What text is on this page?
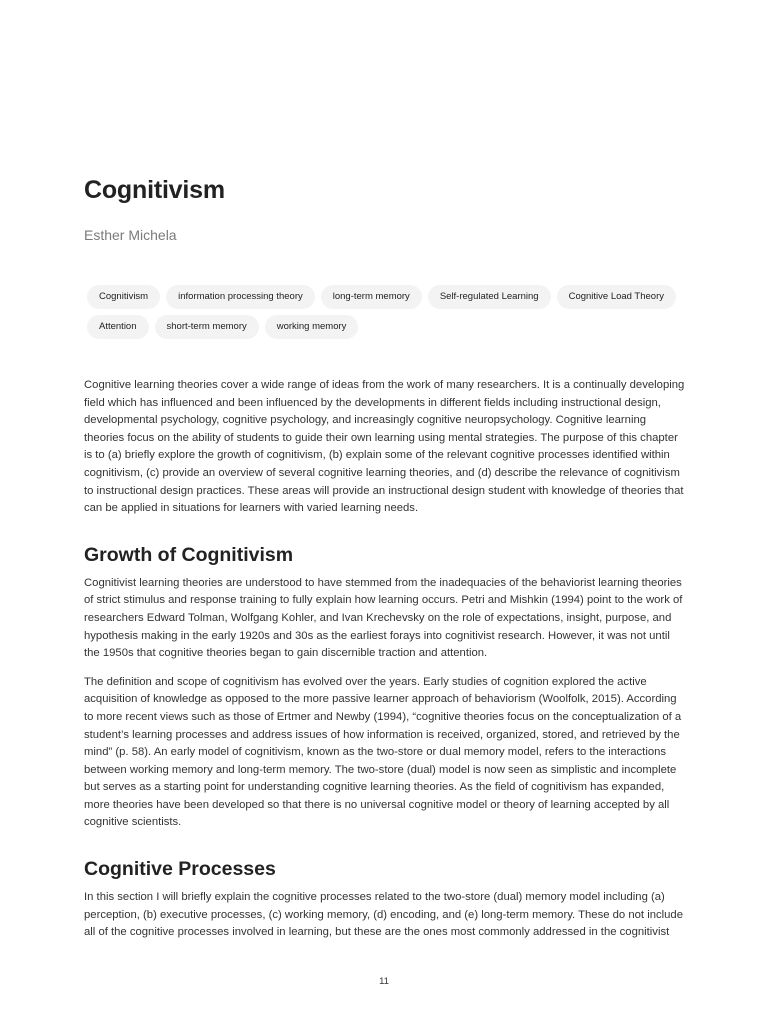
Cognitivism
Esther Michela
Cognitivism	information processing theory	long-term memory	Self-regulated Learning	Cognitive Load Theory
Attention	short-term memory	working memory

Cognitive learning theories cover a wide range of ideas from the work of many researchers. It is a continually developing field which has influenced and been influenced by the developments in different fields including instructional design, developmental psychology, cognitive psychology, and increasingly cognitive neuropsychology. Cognitive learning theories focus on the ability of students to guide their own learning using mental strategies. The purpose of this chapter is to (a) briefly explore the growth of cognitivism, (b) explain some of the relevant cognitive processes identified within cognitivism, (c) provide an overview of several cognitive learning theories, and (d) describe the relevance of cognitivism to instructional design practices. These areas will provide an instructional design student with knowledge of theories that can be applied in situations for learners with varied learning needs.

Growth of Cognitivism

Cognitivist learning theories are understood to have stemmed from the inadequacies of the behaviorist learning theories of strict stimulus and response training to fully explain how learning occurs. Petri and Mishkin (1994) point to the work of researchers Edward Tolman, Wolfgang Kohler, and Ivan Krechevsky on the role of expectations, insight, purpose, and hypothesis making in the early 1920s and 30s as the earliest forays into cognitivist research. However, it was not until the 1950s that cognitive theories began to gain discernible traction and attention.

The definition and scope of cognitivism has evolved over the years. Early studies of cognition explored the active acquisition of knowledge as opposed to the more passive learner approach of behaviorism (Woolfolk, 2015). According to more recent views such as those of Ertmer and Newby (1994), “cognitive theories focus on the conceptualization of a student’s learning processes and address issues of how information is received, organized, stored, and retrieved by the mind” (p. 58). An early model of cognitivism, known as the two-store or dual memory model, refers to the interactions between working memory and long-term memory. The two-store (dual) model is now seen as simplistic and incomplete but serves as a starting point for understanding cognitive learning theories. As the field of cognitivism has expanded, more theories have been developed so that there is no universal cognitive model or theory of learning accepted by all cognitive scientists.

Cognitive Processes

In this section I will briefly explain the cognitive processes related to the two-store (dual) memory model including (a) perception, (b) executive processes, (c) working memory, (d) encoding, and (e) long-term memory. These do not include all of the cognitive processes involved in learning, but these are the ones most commonly addressed in the cognitivist

11
